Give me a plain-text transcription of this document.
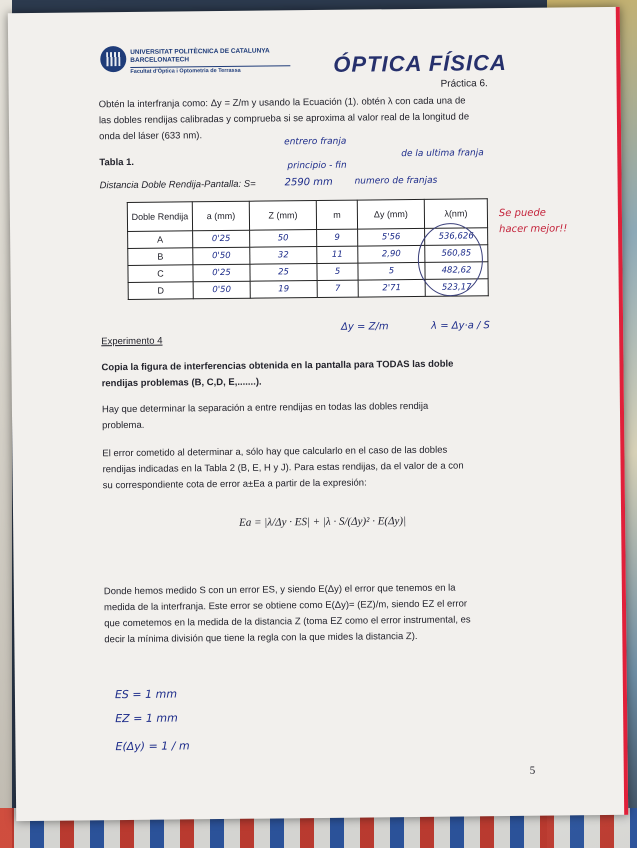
UNIVERSITAT POLITÈCNICA DE CATALUNYA
BARCELONATECH
Facultat d'Òptica i Optometria de Terrassa	ÓPTICA FÍSICA
Práctica 6.
Obtén la interfranja como: Δy = Z/m y usando la Ecuación (1). obtén λ con cada una de
las dobles rendijas calibradas y comprueba si se aproxima al valor real de la longitud de
onda del láser (633 nm).
Tabla 1.
entrero franja
principio - fin
de la ultima franja
Distancia Doble Rendija-Pantalla: S=	2590 mm numero de franjas
Doble Rendija	a (mm)	Z (mm)	m	Δy (mm)	λ(nm)
A	0'25	50	9	5'56	536,626
B	0'50	32	11	2,90	560,85
C	0'25	25	5	5	482,62
D	0'50	19	7	2'71	523,17
Se puede hacer mejor!!
Δy = Z/m	λ = Δy·a / S
Experimento 4
Copia la figura de interferencias obtenida en la pantalla para TODAS las doble
rendijas problemas (B, C,D, E,.......).
Hay que determinar la separación a entre rendijas en todas las dobles rendija
problema.
El error cometido al determinar a, sólo hay que calcularlo en el caso de las dobles
rendijas indicadas en la Tabla 2 (B, E, H y J). Para estas rendijas, da el valor de a con
su correspondiente cota de error a±Ea a partir de la expresión:
Ea = |λ/Δy · ES| + |λ · S/(Δy)² · E(Δy)|
Donde hemos medido S con un error ES, y siendo E(Δy) el error que tenemos en la
medida de la interfranja. Este error se obtiene como E(Δy)= (EZ)/m, siendo EZ el error
que cometemos en la medida de la distancia Z (toma EZ como el error instrumental, es
decir la mínima división que tiene la regla con la que mides la distancia Z).
ES = 1 mm
EZ = 1 mm
E(Δy) = 1 / m
5
